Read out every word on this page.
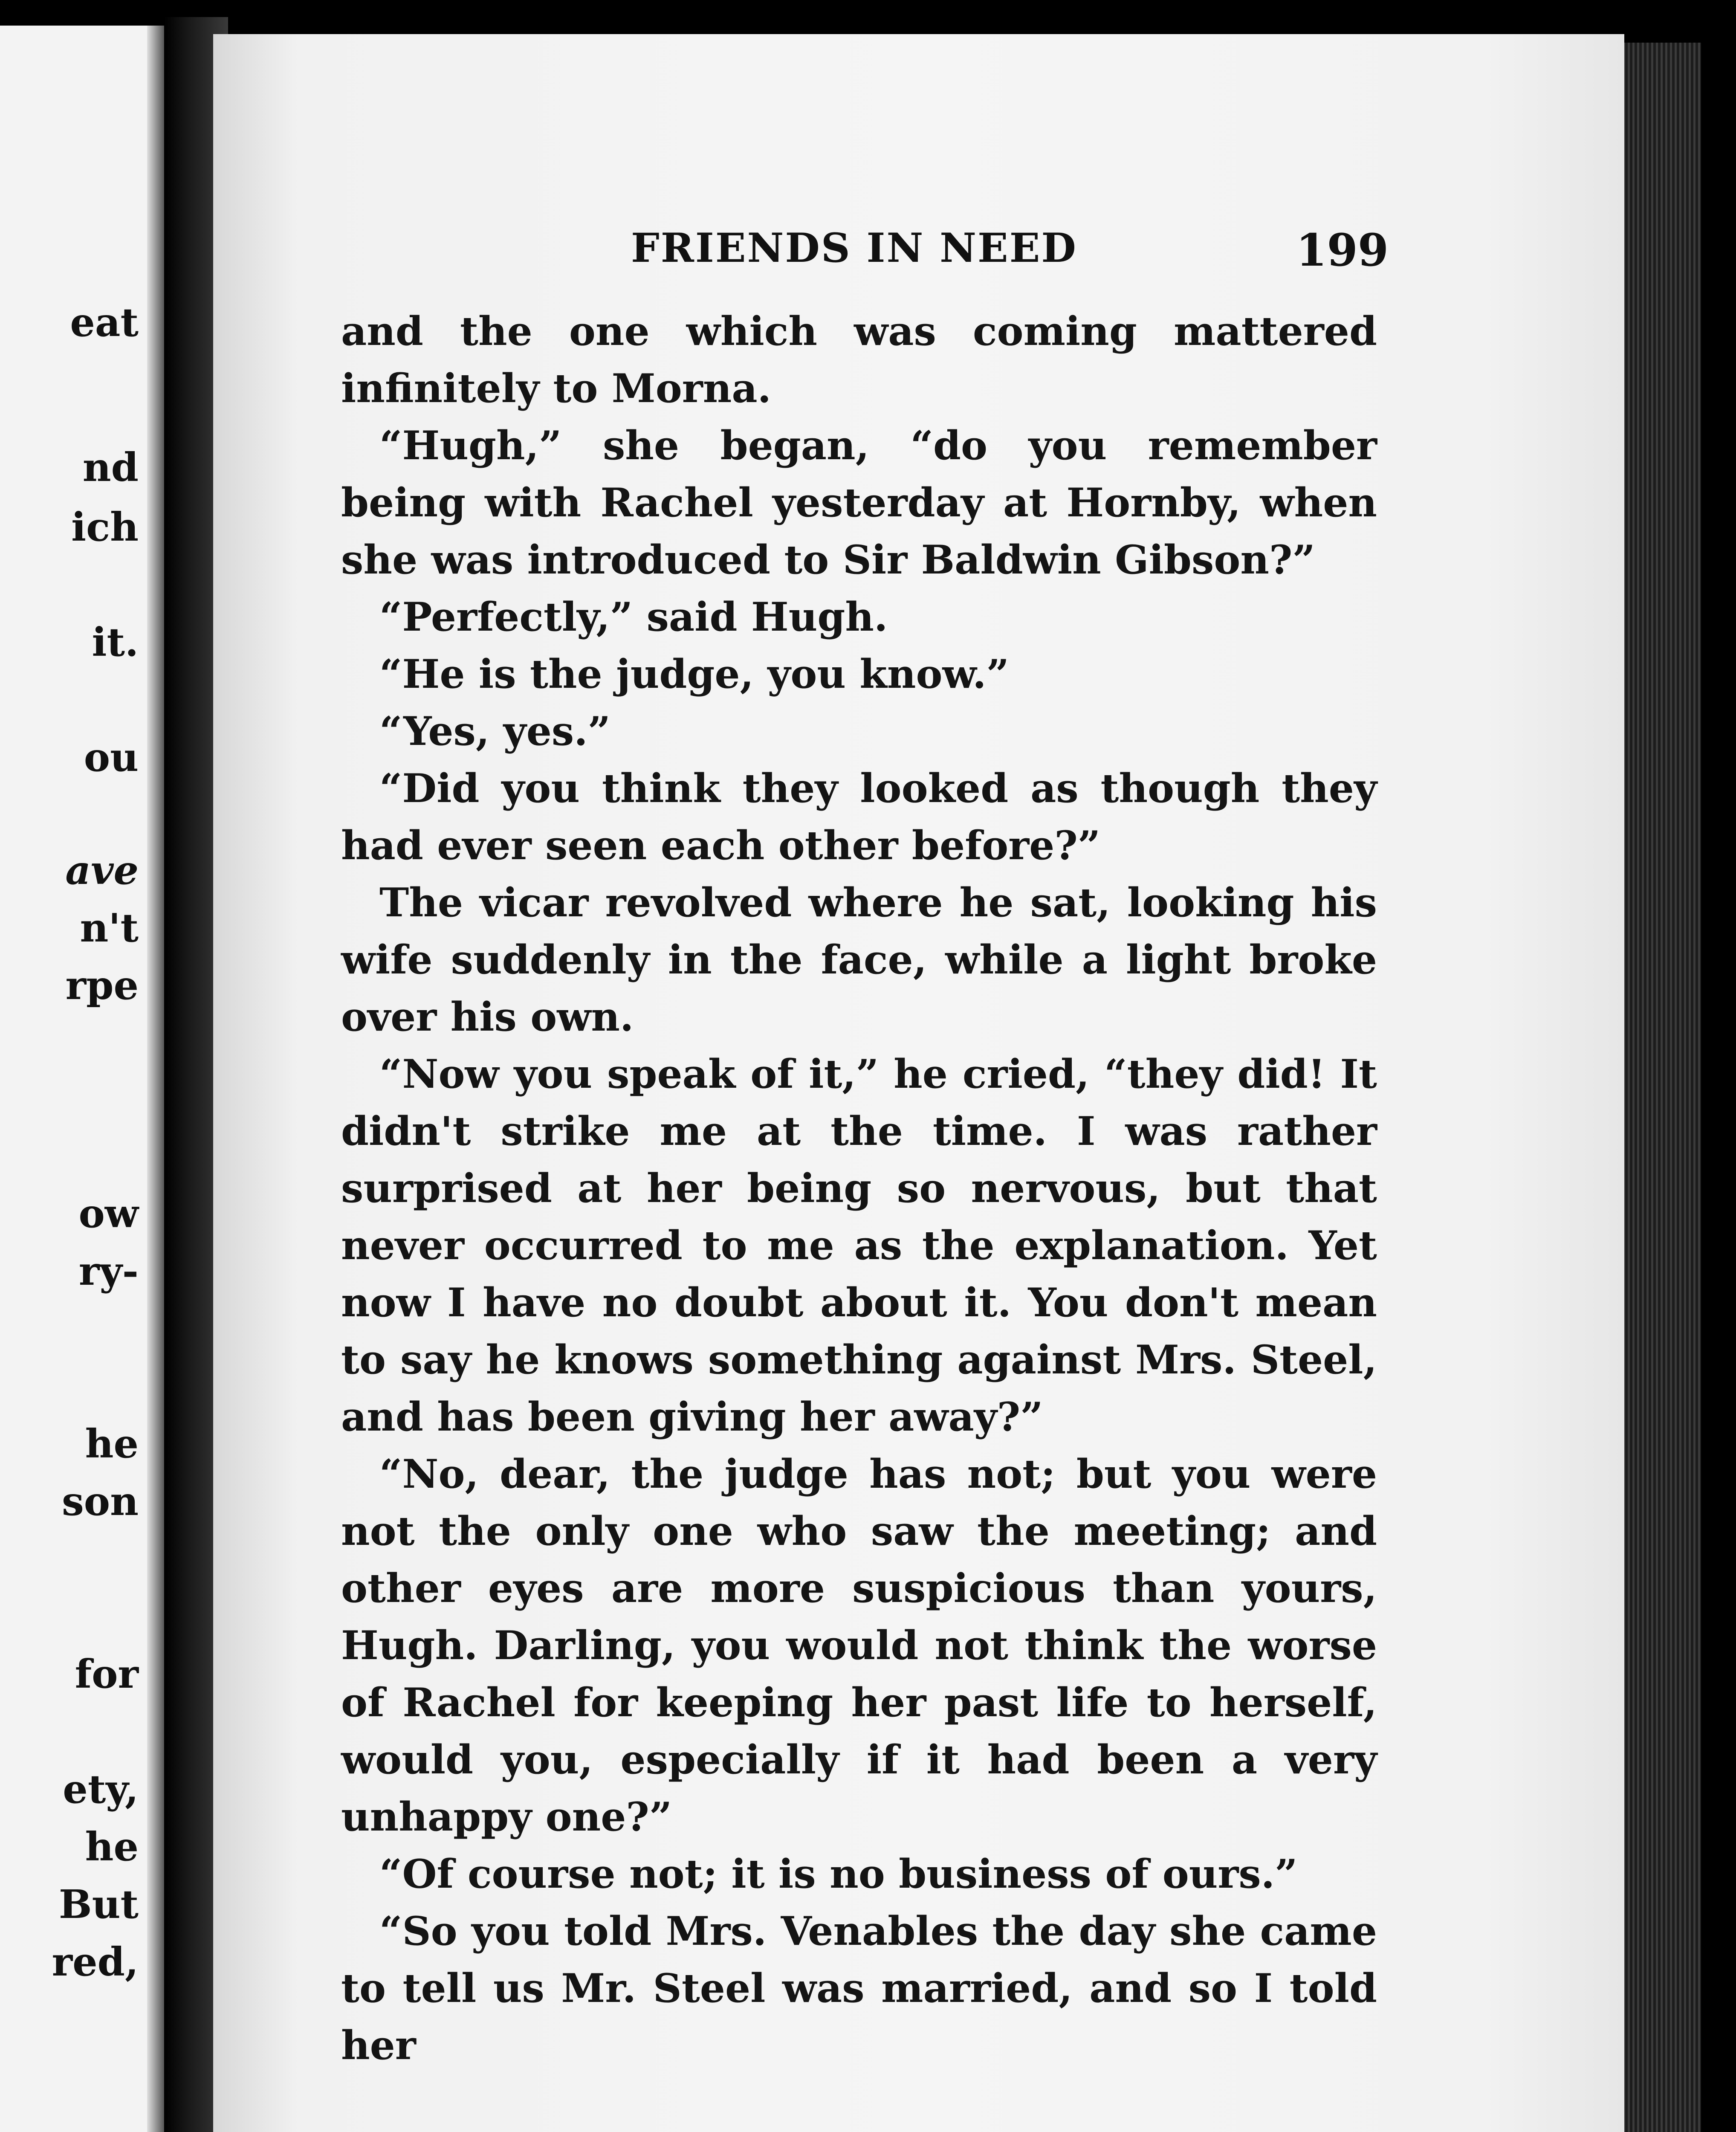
eat
nd
ich
it.
ou
ave
n't
rpe
ow
ry-
he
son
for
ety,
he
But
red,
FRIENDS IN NEED	199

and the one which was coming mattered infinitely to Morna.

“Hugh,” she began, “do you remember being with Rachel yesterday at Hornby, when she was introduced to Sir Baldwin Gibson?”

“Perfectly,” said Hugh.

“He is the judge, you know.”

“Yes, yes.”

“Did you think they looked as though they had ever seen each other before?”

The vicar revolved where he sat, looking his wife suddenly in the face, while a light broke over his own.

“Now you speak of it,” he cried, “they did! It didn't strike me at the time. I was rather surprised at her being so nervous, but that never occurred to me as the explanation. Yet now I have no doubt about it. You don't mean to say he knows something against Mrs. Steel, and has been giving her away?”

“No, dear, the judge has not; but you were not the only one who saw the meeting; and other eyes are more suspicious than yours, Hugh. Darling, you would not think the worse of Rachel for keeping her past life to herself, would you, especially if it had been a very unhappy one?”

“Of course not; it is no business of ours.”

“So you told Mrs. Venables the day she came to tell us Mr. Steel was married, and so I told her
